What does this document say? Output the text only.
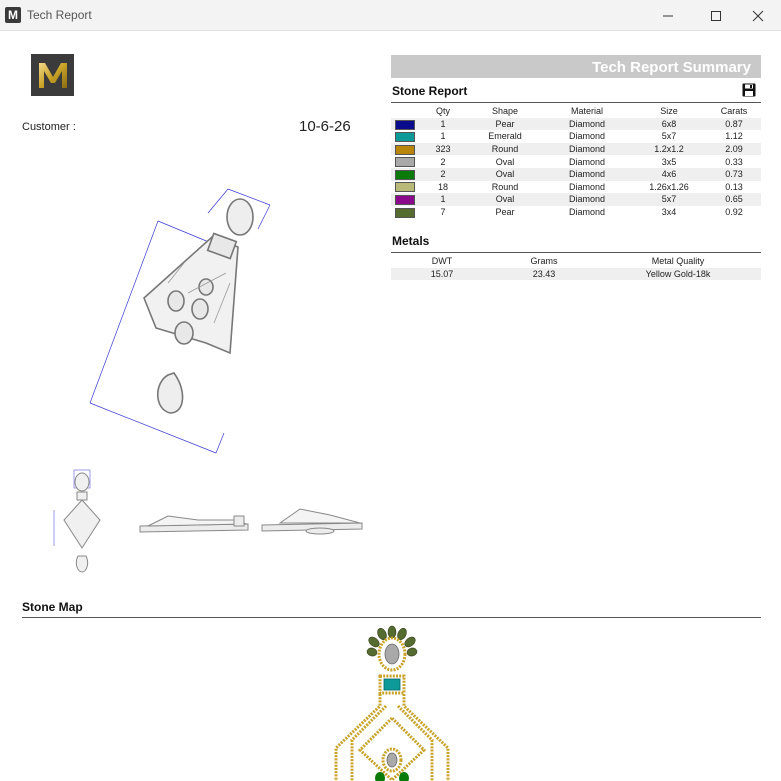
M Tech Report
Customer :	10-6-26
Tech Report Summary
Stone Report
	Qty	Shape	Material	Size	Carats
	1	Pear	Diamond	6x8	0.87
	1	Emerald	Diamond	5x7	1.12
	323	Round	Diamond	1.2x1.2	2.09
	2	Oval	Diamond	3x5	0.33
	2	Oval	Diamond	4x6	0.73
	18	Round	Diamond	1.26x1.26	0.13
	1	Oval	Diamond	5x7	0.65
	7	Pear	Diamond	3x4	0.92
Metals
DWT	Grams	Metal Quality
15.07	23.43	Yellow Gold-18k
Stone Map
